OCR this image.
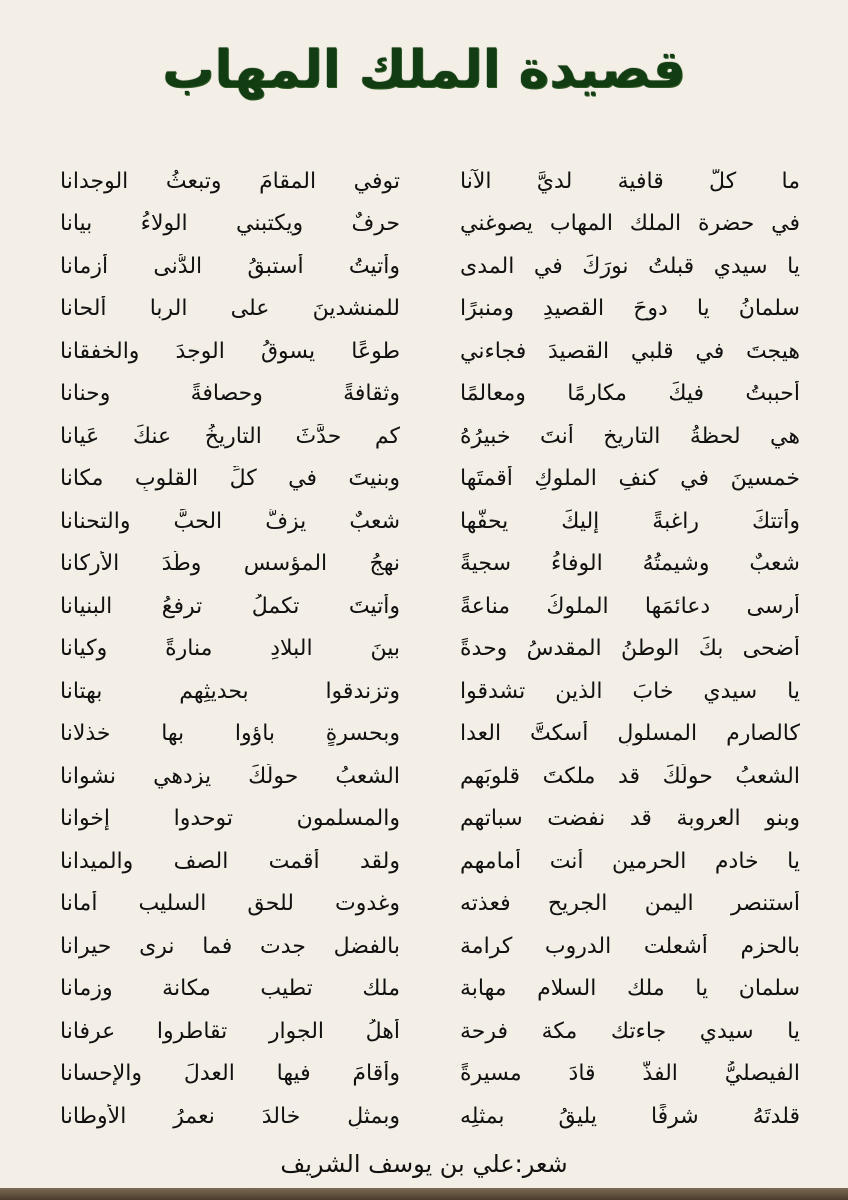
قصيدة الملك المهاب
ما كلُّ قافية لديَّ الآنا
توفي المقامَ وتبعثُ الوجدانا
في حضرة الملك المهاب يصوغني
حرفٌ ويكتبني الولاءُ بيانا
يا سيدي قبلتُ نورَكَ في المدى
وأتيتُ أستبقُ الدُّنى أزمانا
سلمانُ يا دوحَ القصيدِ ومنبرًا
للمنشدينَ على الربا ألحانا
هيجتَ في قلبي القصيدَ فجاءني
طوعًا يسوقُ الوجدَ والخفقانا
أحببتُ فيكَ مكارمًا ومعالمًا
وثقافةً وحصافةً وحنانا
هي لحظةُ التاريخِ أنتَ خبيرُهُ
كم حدَّثَ التاريخُ عنكَ عَيانا
خمسينَ في كنفِ الملوكِ أقمتَها
وبنيتَ في كلِّ القلوبِ مكانا
وأتتكَ راغبةً إليكَ يحفُّها
شعبٌ يزفُّ الحبَّ والتحنانا
شعبٌ وشيمتُهُ الوفاءُ سجيةً
نهجُ المؤسسِ وطَّدَ الأركانا
أرسى دعائمَها الملوكُ مناعةً
وأتيتَ تكملُ ترفعُ البنيانا
أضحى بكَ الوطنُ المقدسُ وحدةً
بينَ البلادِ منارةً وكيانا
يا سيدي خابَ الذين تشدقوا
وتزندقوا بحديثِهم بهتانا
كالصارمِ المسلولِ أسكتَّ العدا
وبحسرةٍ باؤوا بها خذلانا
الشعبُ حولَكَ قد ملكتَ قلوبَهم
الشعبُ حولَكَ يزدهي نشوانا
وبنو العروبة قد نفضت سباتهم
والمسلمون توحدوا إخوانا
يا خادم الحرمين أنت أمامهم
ولقد أقمت الصف والميدانا
أستنصر اليمن الجريح فعذته
وغدوت للحق السليب أمانا
بالحزم أشعلت الدروب كرامة
بالفضل جدت فما نرى حيرانا
سلمان يا ملك السلام مهابة
ملك تطيب مكانة وزمانا
يا سيدي جاءتك مكة فرحة
أهلُ الجوارِ تقاطروا عرفانا
الفيصليُّ الفذُّ قادَ مسيرةً
وأقامَ فيها العدلَ والإحسانا
قلدتَهُ شرفًا يليقُ بمثلِه
وبمثلِ خالدَ نعمرُ الأوطانا
شعر:علي بن يوسف الشريف
